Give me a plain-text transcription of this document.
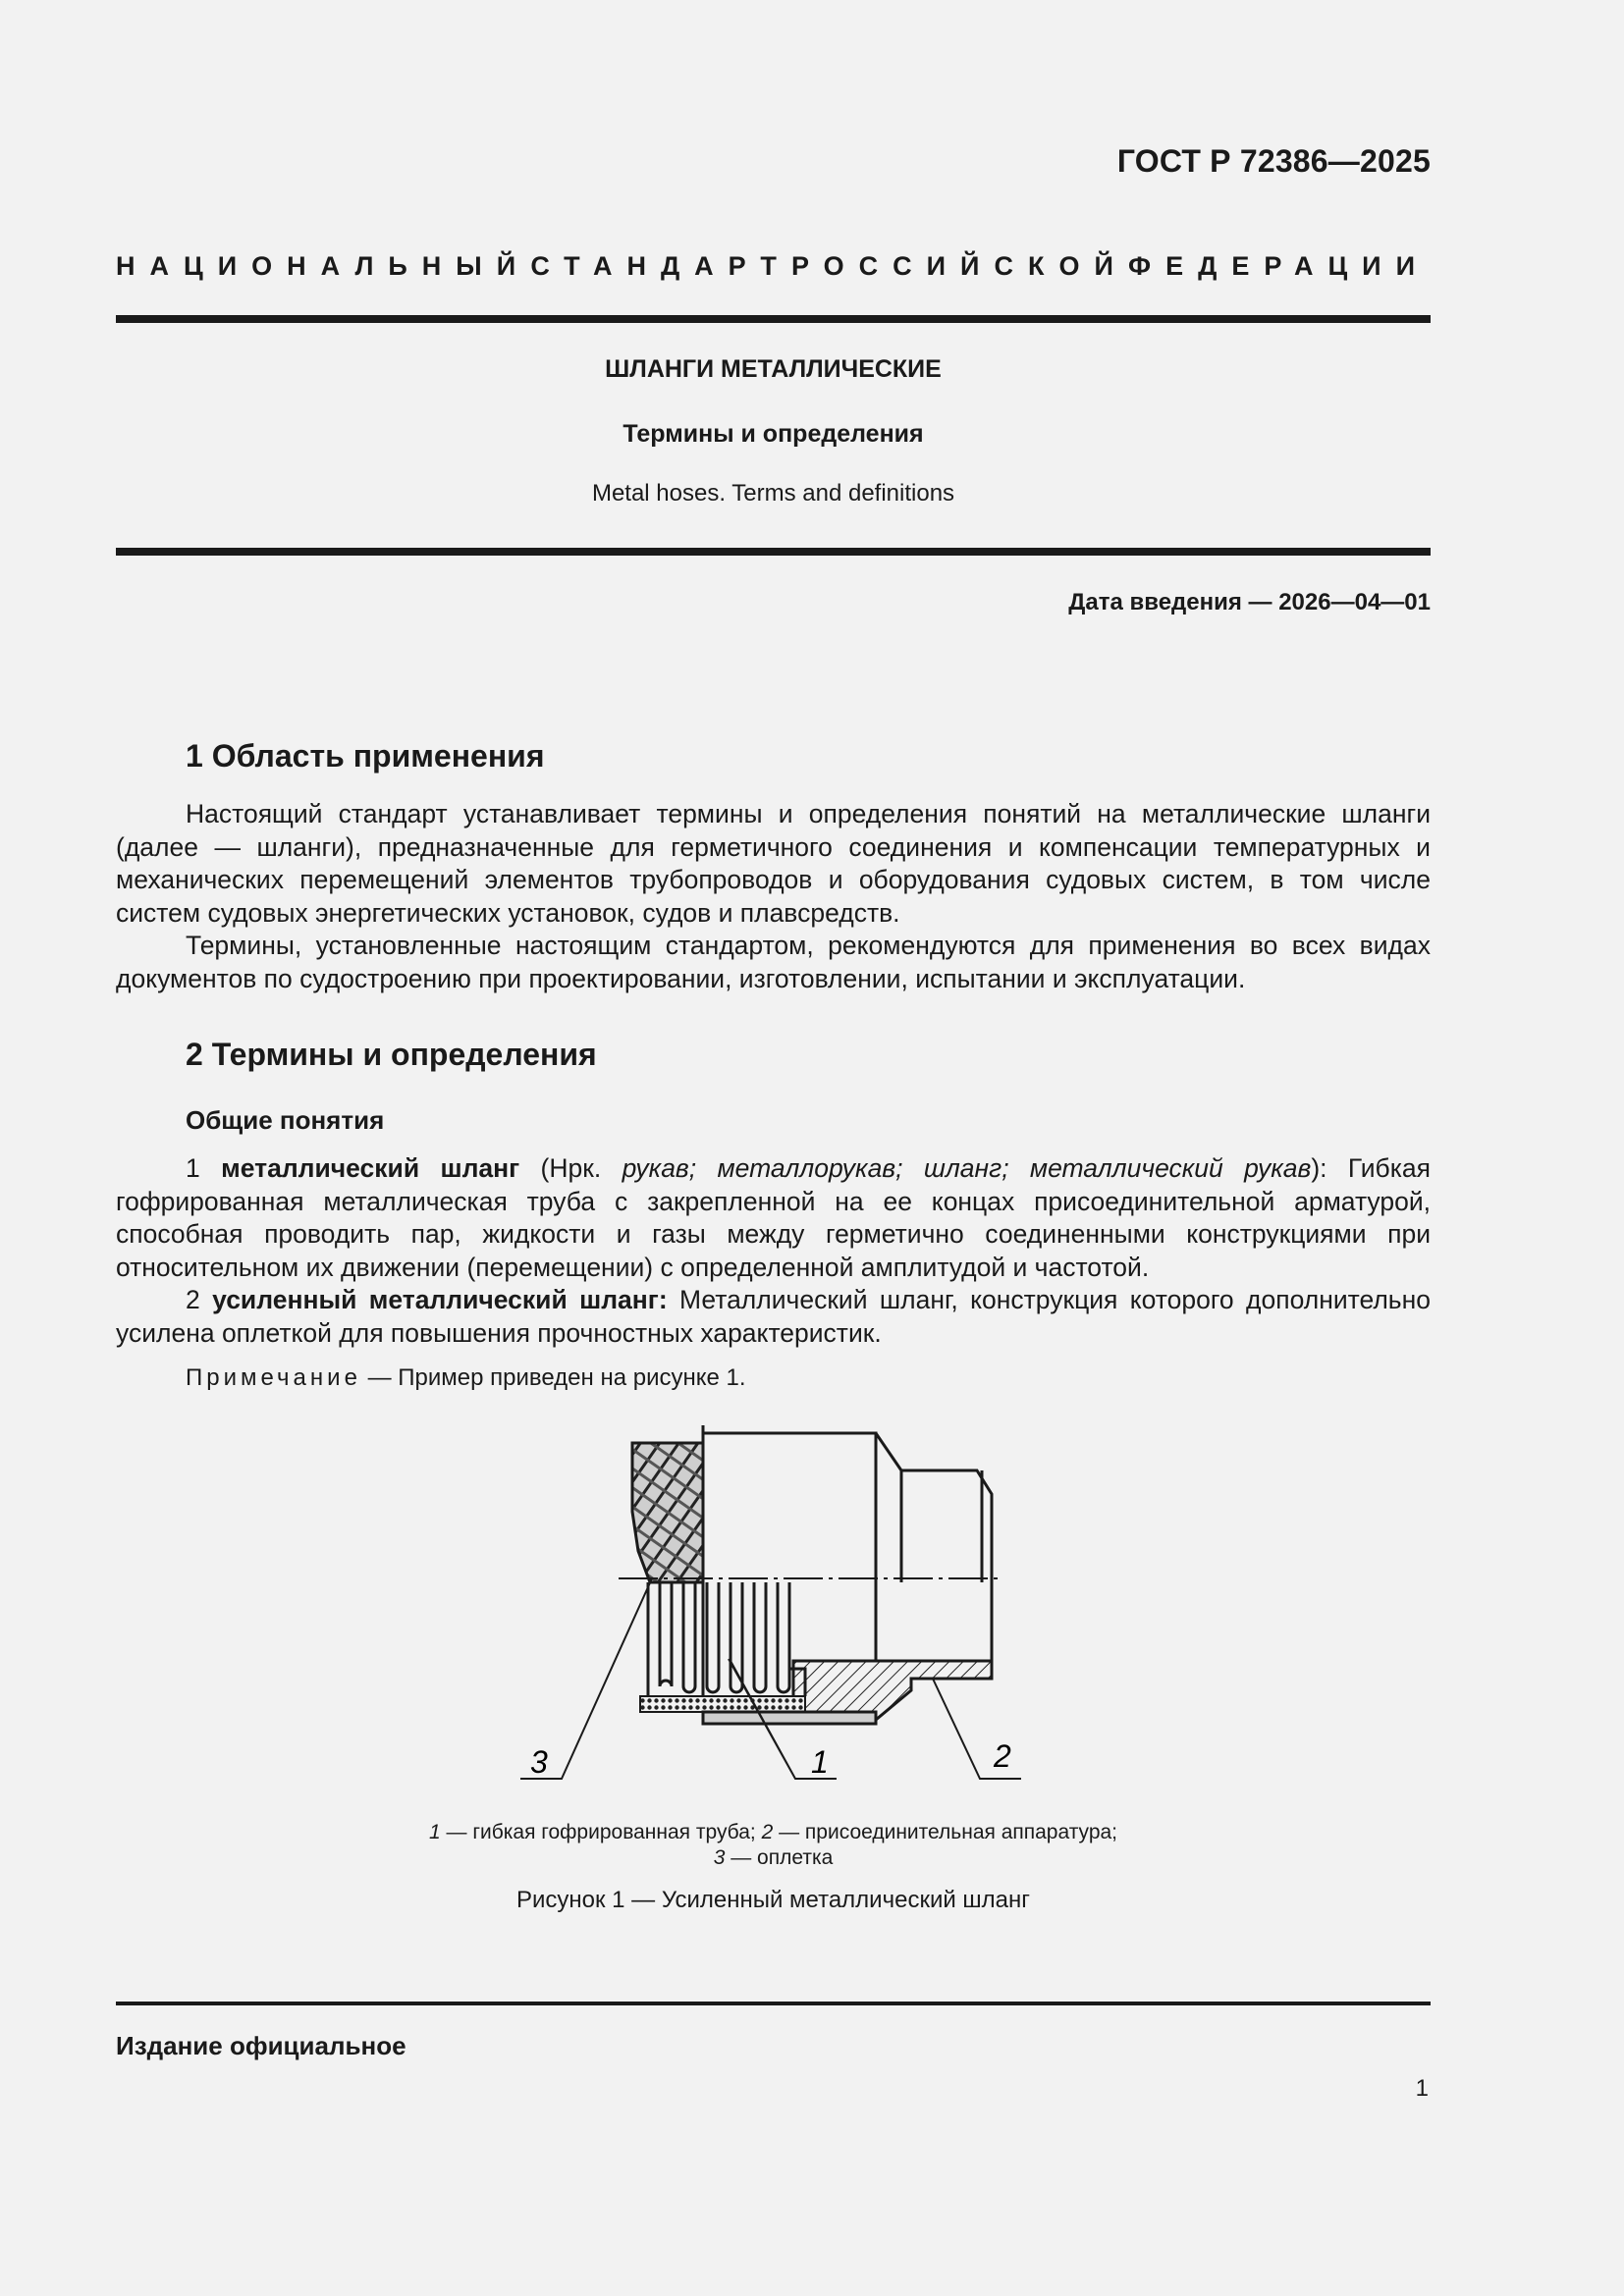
ГОСТ Р 72386—2025
НАЦИОНАЛЬНЫЙ СТАНДАРТ РОССИЙСКОЙ ФЕДЕРАЦИИ
ШЛАНГИ МЕТАЛЛИЧЕСКИЕ
Термины и определения
Metal hoses. Terms and definitions
Дата введения — 2026—04—01
1 Область применения

Настоящий стандарт устанавливает термины и определения понятий на металлические шланги (далее — шланги), предназначенные для герметичного соединения и компенсации температурных и механических перемещений элементов трубопроводов и оборудования судовых систем, в том числе систем судовых энергетических установок, судов и плавсредств.

Термины, установленные настоящим стандартом, рекомендуются для применения во всех видах документов по судостроению при проектировании, изготовлении, испытании и эксплуатации.

2 Термины и определения
Общие понятия

1 металлический шланг (Нрк. рукав; металлорукав; шланг; металлический рукав): Гибкая гофрированная металлическая труба с закрепленной на ее концах присоединительной арматурой, способная проводить пар, жидкости и газы между герметично соединенными конструкциями при относительном их движении (перемещении) с определенной амплитудой и частотой.

2 усиленный металлический шланг: Металлический шланг, конструкция которого дополнительно усилена оплеткой для повышения прочностных характеристик.

Примечание — Пример приведен на рисунке 1.
3	1	2
1 — гибкая гофрированная труба; 2 — присоединительная аппаратура;
3 — оплетка
Рисунок 1 — Усиленный металлический шланг
Издание официальное
1
